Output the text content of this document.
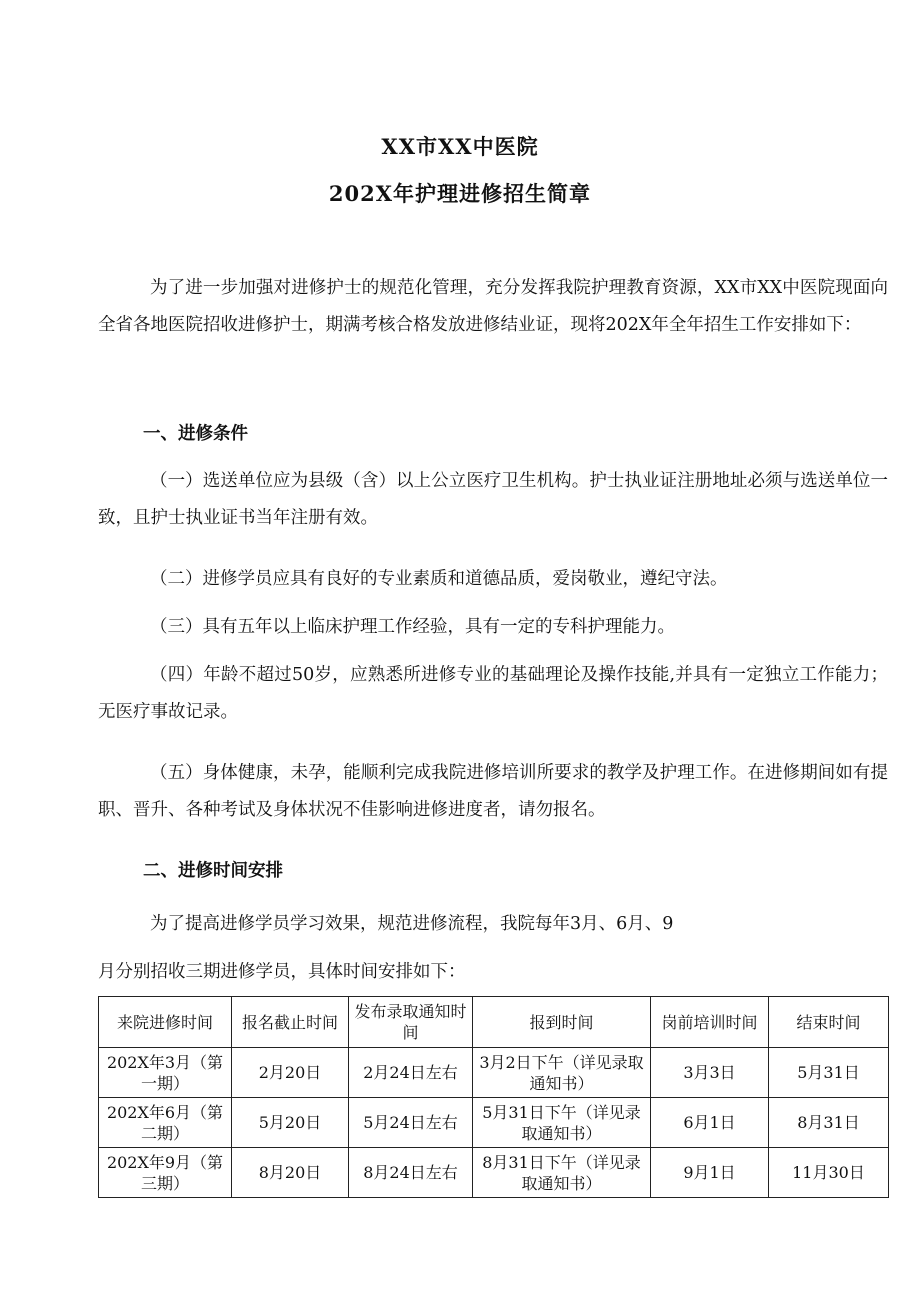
XX市XX中医院
202X年护理进修招生简章
为了进一步加强对进修护士的规范化管理，充分发挥我院护理教育资源，XX市XX中医院现面向全省各地医院招收进修护士，期满考核合格发放进修结业证，现将202X年全年招生工作安排如下：
一、进修条件
（一）选送单位应为县级（含）以上公立医疗卫生机构。护士执业证注册地址必须与选送单位一致，且护士执业证书当年注册有效。
（二）进修学员应具有良好的专业素质和道德品质，爱岗敬业，遵纪守法。
（三）具有五年以上临床护理工作经验，具有一定的专科护理能力。
（四）年龄不超过50岁，应熟悉所进修专业的基础理论及操作技能,并具有一定独立工作能力；无医疗事故记录。
（五）身体健康，未孕，能顺利完成我院进修培训所要求的教学及护理工作。在进修期间如有提职、晋升、各种考试及身体状况不佳影响进修进度者，请勿报名。
二、进修时间安排
为了提高进修学员学习效果，规范进修流程，我院每年3月、6月、9
月分别招收三期进修学员，具体时间安排如下：
来院进修时间	报名截止时间	发布录取通知时间	报到时间	岗前培训时间	结束时间
202X年3月（第一期）	2月20日	2月24日左右	3月2日下午（详见录取通知书）	3月3日	5月31日
202X年6月（第二期）	5月20日	5月24日左右	5月31日下午（详见录取通知书）	6月1日	8月31日
202X年9月（第三期）	8月20日	8月24日左右	8月31日下午（详见录取通知书）	9月1日	11月30日
